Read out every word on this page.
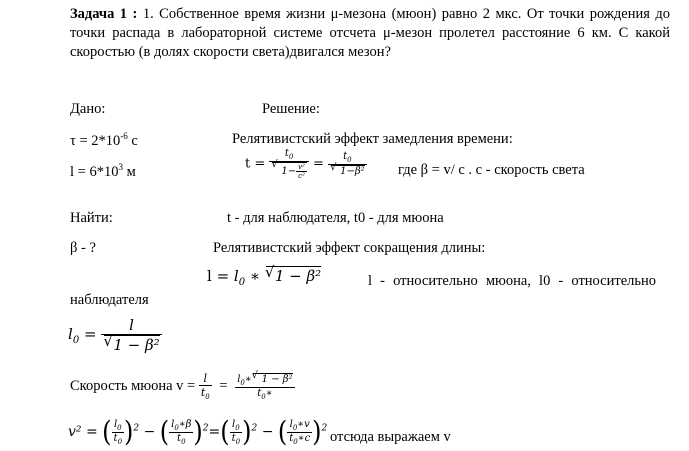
Задача 1 : 1. Собственное время жизни μ-мезона (мюон) равно 2 мкс. От точки рождения до точки распада в лабораторной системе отсчета μ-мезон пролетел расстояние 6 км. С какой скоростью (в долях скорости света)двигался мезон?
Дано:
$\tau = 2*10^{-6}$ с
$l = 6*10^3$ м
Найти:
β - ?
Решение:
Релятивистский эффект замедления времени:
$t = t_0$
√ $1- \frac{\text{v²}}{\text{c²}} = t_0$
√ 1−β² где β = v/ с . с - скорость света
t - для наблюдателя, t0 - для мюона
Релятивистский эффект сокращения длины:
$l = l_0$ ∗ √ 1 − β²	l - относительно мюона, l0 - относительно
наблюдателя
$l_0 = l$
√ 1 − β²
Скорость мюона $v = \frac{l}{t_0} = \frac{l_0∗√ 1 - \beta^2}{t_0∗}$
v² = ( $\frac{l_0}{t_0} )^2$ − ( $\frac{l_0∗\beta}{t_0} )^2=( \frac{l_0}{t_0} )^2$ − ( $\frac{l_0∗v}{t_0∗c} )^2$
отсюда выражаем v
